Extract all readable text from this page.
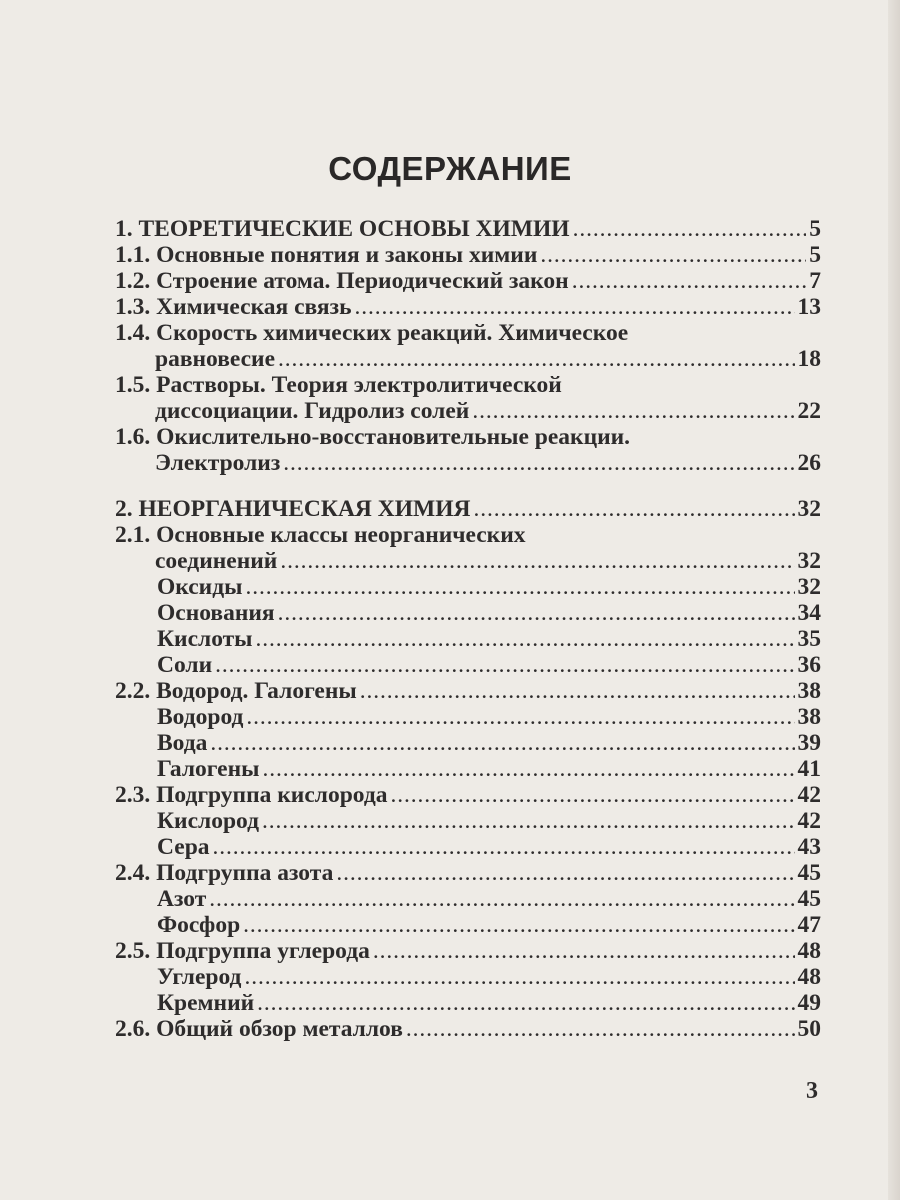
СОДЕРЖАНИЕ
1. ТЕОРЕТИЧЕСКИЕ ОСНОВЫ ХИМИИ . . .	5
1.1. Основные понятия и законы химии . . .	5
1.2. Строение атома. Периодический закон . . .	7
1.3. Химическая связь . . .	13
1.4. Скорость химических реакций. Химическое
равновесие . . .	18
1.5. Растворы. Теория электролитической
диссоциации. Гидролиз солей . . .	22
1.6. Окислительно-восстановительные реакции.
Электролиз . . .	26
2. НЕОРГАНИЧЕСКАЯ ХИМИЯ . . .	32
2.1. Основные классы неорганических
соединений . . .	32
Оксиды . . .	32
Основания . . .	34
Кислоты . . .	35
Соли . . .	36
2.2. Водород. Галогены . . .	38
Водород . . .	38
Вода . . .	39
Галогены . . .	41
2.3. Подгруппа кислорода . . .	42
Кислород . . .	42
Сера . . .	43
2.4. Подгруппа азота . . .	45
Азот . . .	45
Фосфор . . .	47
2.5. Подгруппа углерода . . .	48
Углерод . . .	48
Кремний . . .	49
2.6. Общий обзор металлов . . .	50
3
